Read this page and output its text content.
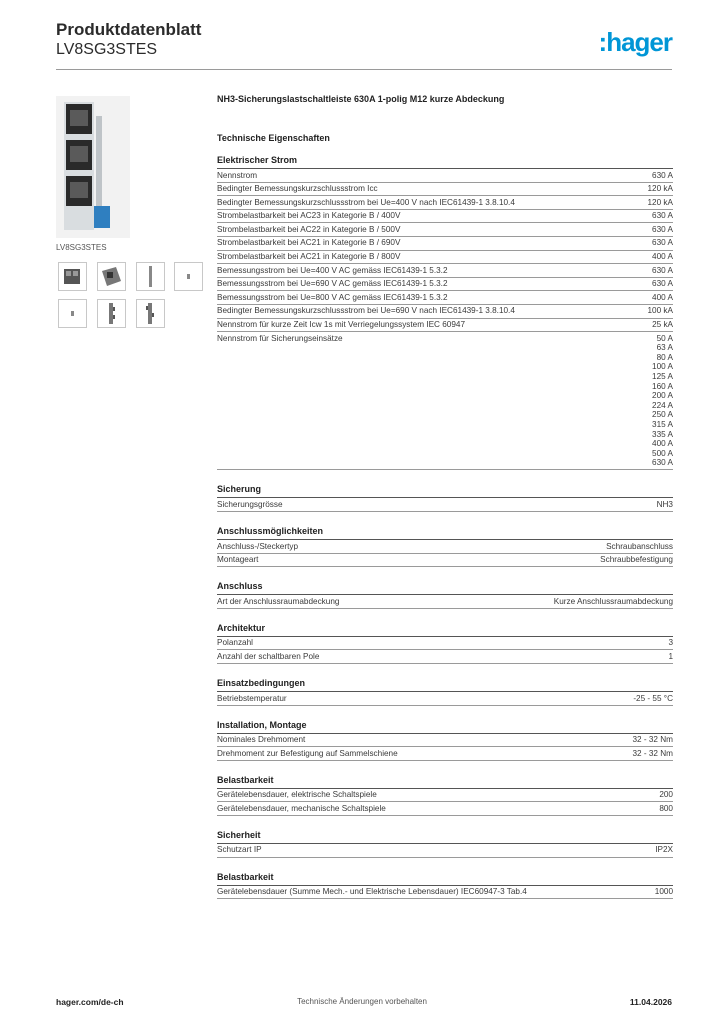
Produktdatenblatt
LV8SG3STES	:hager
LV8SG3STES
NH3-Sicherungslastschaltleiste 630A 1-polig M12 kurze Abdeckung
Technische Eigenschaften
Elektrischer Strom
Nennstrom	630 A
Bedingter Bemessungskurzschlussstrom Icc	120 kA
Bedingter Bemessungskurzschlussstrom bei Ue=400 V nach IEC61439-1 3.8.10.4	120 kA
Strombelastbarkeit bei AC23 in Kategorie B / 400V	630 A
Strombelastbarkeit bei AC22 in Kategorie B / 500V	630 A
Strombelastbarkeit bei AC21 in Kategorie B / 690V	630 A
Strombelastbarkeit bei AC21 in Kategorie B / 800V	400 A
Bemessungsstrom bei Ue=400 V AC gemäss IEC61439-1 5.3.2	630 A
Bemessungsstrom bei Ue=690 V AC gemäss IEC61439-1 5.3.2	630 A
Bemessungsstrom bei Ue=800 V AC gemäss IEC61439-1 5.3.2	400 A
Bedingter Bemessungskurzschlussstrom bei Ue=690 V nach IEC61439-1 3.8.10.4	100 kA
Nennstrom für kurze Zeit Icw 1s mit Verriegelungssystem IEC 60947	25 kA
Nennstrom für Sicherungseinsätze	50 A
63 A
80 A
100 A
125 A
160 A
200 A
224 A
250 A
315 A
335 A
400 A
500 A
630 A
Sicherung
Sicherungsgrösse	NH3
Anschlussmöglichkeiten
Anschluss-/Steckertyp	Schraubanschluss
Montageart	Schraubbefestigung
Anschluss
Art der Anschlussraumabdeckung	Kurze Anschlussraumabdeckung
Architektur
Polanzahl	3
Anzahl der schaltbaren Pole	1
Einsatzbedingungen
Betriebstemperatur	-25 - 55 °C
Installation, Montage
Nominales Drehmoment	32 - 32 Nm
Drehmoment zur Befestigung auf Sammelschiene	32 - 32 Nm
Belastbarkeit
Gerätelebensdauer, elektrische Schaltspiele	200
Gerätelebensdauer, mechanische Schaltspiele	800
Sicherheit
Schutzart IP	IP2X
Belastbarkeit
Gerätelebensdauer (Summe Mech.- und Elektrische Lebensdauer) IEC60947-3 Tab.4	1000
hager.com/de-ch	Technische Änderungen vorbehalten	11.04.2026
